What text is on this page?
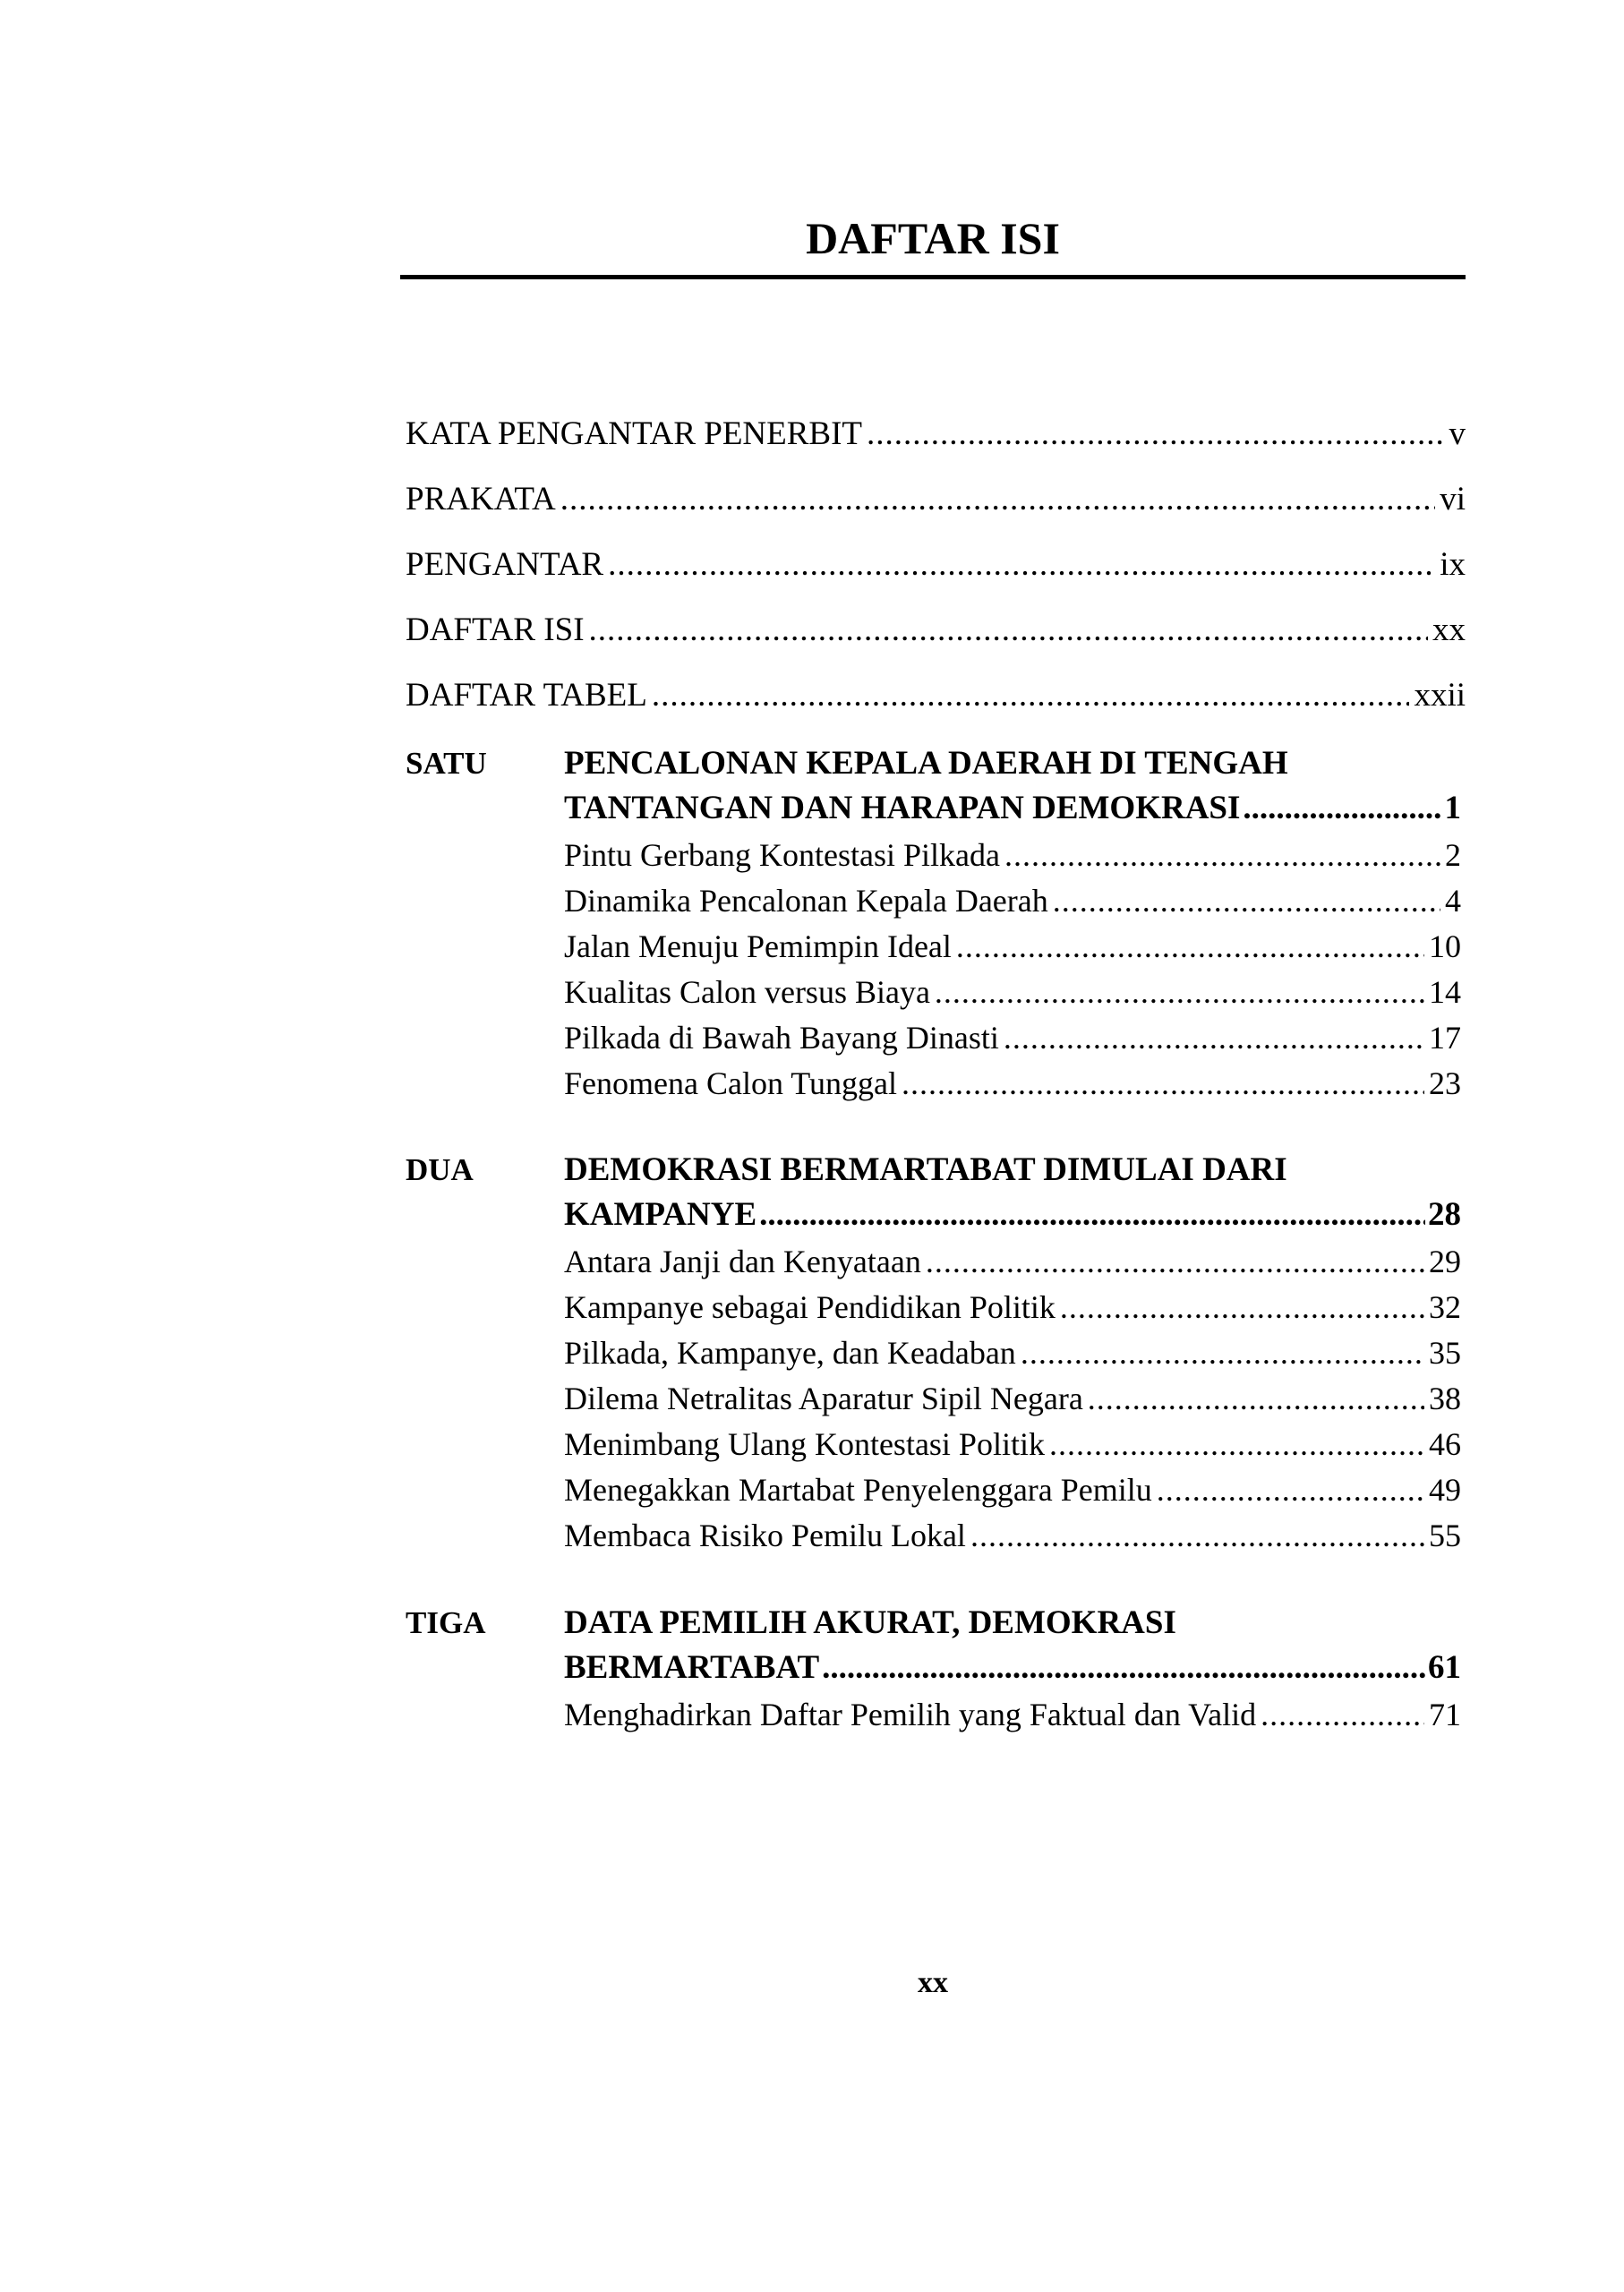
DAFTAR ISI
KATA PENGANTAR PENERBIT .....	v
PRAKATA .....	vi
PENGANTAR .....	ix
DAFTAR ISI .....	xx
DAFTAR TABEL .....	xxii
SATU PENCALONAN KEPALA DAERAH DI TENGAH
TANTANGAN DAN HARAPAN DEMOKRASI .....	1
Pintu Gerbang Kontestasi Pilkada .....	2
Dinamika Pencalonan Kepala Daerah .....	4
Jalan Menuju Pemimpin Ideal .....	10
Kualitas Calon versus Biaya .....	14
Pilkada di Bawah Bayang Dinasti .....	17
Fenomena Calon Tunggal .....	23
DUA	DEMOKRASI BERMARTABAT DIMULAI DARI
KAMPANYE .....	28
Antara Janji dan Kenyataan .....	29
Kampanye sebagai Pendidikan Politik .....	32
Pilkada, Kampanye, dan Keadaban .....	35
Dilema Netralitas Aparatur Sipil Negara .....	38
Menimbang Ulang Kontestasi Politik .....	46
Menegakkan Martabat Penyelenggara Pemilu .....	49
Membaca Risiko Pemilu Lokal .....	55
TIGA DATA PEMILIH AKURAT, DEMOKRASI
BERMARTABAT .....	61
Menghadirkan Daftar Pemilih yang Faktual dan Valid .....	71
xx
